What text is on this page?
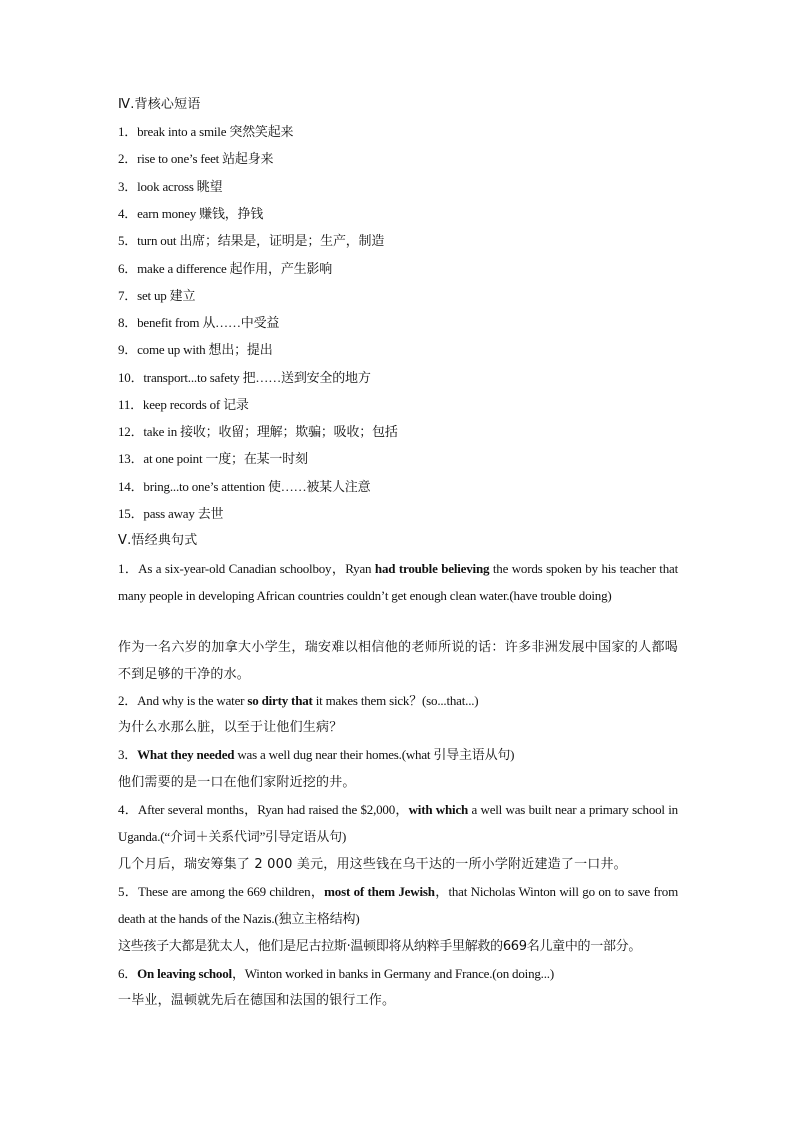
Ⅳ.背核心短语
1．break into a smile 突然笑起来
2．rise to one’s feet 站起身来
3．look across 眺望
4．earn money 赚钱，挣钱
5．turn out 出席；结果是，证明是；生产，制造
6．make a difference 起作用，产生影响
7．set up 建立
8．benefit from 从……中受益
9．come up with 想出；提出
10．transport...to safety 把……送到安全的地方
11．keep records of 记录
12．take in 接收；收留；理解；欺骗；吸收；包括
13．at one point 一度；在某一时刻
14．bring...to one’s attention 使……被某人注意
15．pass away 去世
Ⅴ.悟经典句式
1．As a six-year-old Canadian schoolboy，Ryan had trouble believing the words spoken by his teacher that many people in developing African countries couldn’t get enough clean water.(have trouble doing)
作为一名六岁的加拿大小学生，瑞安难以相信他的老师所说的话：许多非洲发展中国家的人都喝不到足够的干净的水。
2．And why is the water so dirty that it makes them sick？(so...that...)
为什么水那么脏，以至于让他们生病？
3．What they needed was a well dug near their homes.(what 引导主语从句)
他们需要的是一口在他们家附近挖的井。
4．After several months，Ryan had raised the $2,000，with which a well was built near a primary school in Uganda.(“介词＋关系代词”引导定语从句)
几个月后，瑞安筹集了 2 000 美元，用这些钱在乌干达的一所小学附近建造了一口井。
5．These are among the 669 children，most of them Jewish，that Nicholas Winton will go on to save from death at the hands of the Nazis.(独立主格结构)
这些孩子大都是犹太人，他们是尼古拉斯·温顿即将从纳粹手里解救的669名儿童中的一部分。
6．On leaving school，Winton worked in banks in Germany and France.(on doing...)
一毕业，温顿就先后在德国和法国的银行工作。
